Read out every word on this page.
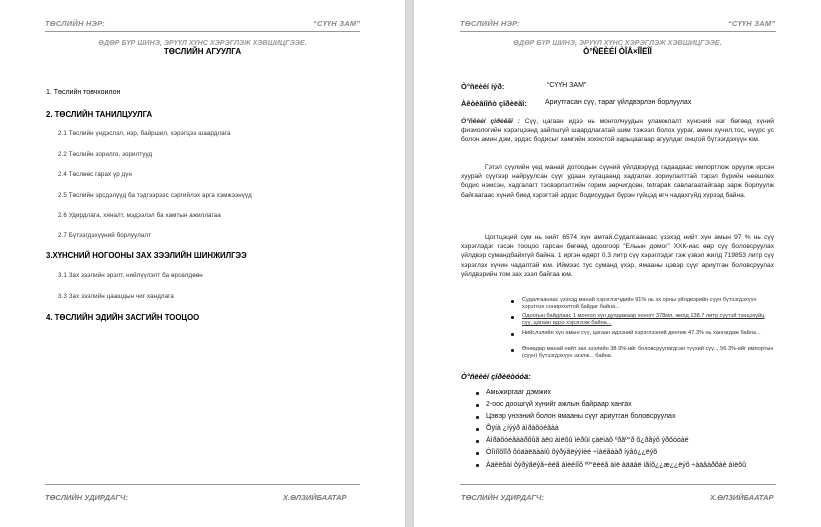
ТӨСЛИЙН НЭР:	“СҮҮН ЗАМ”
ӨДӨР БҮР ШИНЭ, ЭРҮҮЛ ХҮНС ХЭРЭГЛЭЖ ХЭВШИЦГЭЭЕ.
ТӨСЛИЙН АГУУЛГА
1. Төслийн товчхоилон
2. ТӨСЛИЙН ТАНИЛЦУУЛГА
2.1 Төслийн үндэслэл, нэр, байршил, хэрэгцээ шаардлага
2.2 Төслийн зорилго, зорилтууд
2.4 Төслөөс гарах үр дүн
2.5 Төслийн эрсдэлүүд ба тэдгээрээс сэргийлэх арга хэмжээнүүд
2.6 Удирдлага, хяналт, мэдээлэл ба хамтын ажиллагаа
2.7 Бүтээгдэхүүний борлуулалт
3.ХҮНСНИЙ НОГООНЫ ЗАХ ЗЭЭЛИЙН ШИНЖИЛГЭЭ
3.1 Зах зээлийн эрэлт, нийлүүлэлт ба өрсөлдөөн
3.3 Зах зээлийн цаашдын чиг хандлага
4. ТӨСЛИЙН ЭДИЙН ЗАСГИЙН ТООЦОО
ТӨСЛИЙН УДИРДАГЧ:	Х.ӨЛЗИЙБААТАР
ТӨСЛИЙН НЭР:	“СҮҮН ЗАМ”
ӨДӨР БҮР ШИНЭ, ЭРҮҮЛ ХҮНС ХЭРЭГЛЭЖ ХЭВШИЦГЭЭЕ.
Ò°ÑËÈÉÍ ÒÎÂ×ÎÎËÎÍ
Ò°ñëèéí íýð:	“СҮҮН ЗАМ”
Àêòèâíîñò çîðèëãî:	Ариутгасан сүү, тараг үйлдвэрлэн борлуулах
Ò°ñëèéí çîðèëãî : Сүү, цагаан идээ нь монголчуудын уламжлалт хүнсний нэг бөгөөд хүний физиологийн хэрэгцээнд зайлшгүй шаардлагатай шим тэжээл болох уураг, амин хүчил,тос, нүүрс ус болон амин дэм, эрдэс бодисыг хамгийн зохистой харьцаагаар агуулдаг онцгой бүтээгдэхүүн юм.
Гэтэл сүүлийн үед манай дотоодын сүүний үйлдвэрүүд гадаадаас импортлож оруулж ирсэн хуурай сүүгээр найруулсан сүүг удаан хугацаанд хадгалах зориулалттай тэрэл бүрийн неешлех бодис нэмсэн, хадгалагт тэсвэрлэлтийн горим зөрчигдсөн, tetrapak савлагаатайгаар зарж борлуулж байгаагаас хүний биед хэрэгтэй эрдэс бодисуудыг бүрэн гүйцэд өгч чадахгүйд хүрээд байна.
Цогтцэций сум нь нийт 6574 хүн амтай.Судалгаанаас үзэхэд нийт хүн амын 97 % нь сүү хэрэглэдэг гэсэн тооцоо гарсан бөгөөд одоогоор “Ельын домог” ХХК-иас өөр сүү боловсруулах үйлдвэр сумандбайхгүй байна. 1 иргэн өдөрт 0,3 литр сүү хэрэглэдэг гэж үзвэл жилд 719853 литр сүү хэрэглэх хүчин чадалтай юм. Иймээс тус суманд үхэр, ямааны цэвэр сүүг ариутган боловсруулах үйлдвэрийн том зах зээл байгаа юм.
Судалгаанаас үзэхэд манай хэрэглэгчдийн 91% нь эх орны үйлдвэрийн сүүн бүтээгдэхүүн хэрэглэх сонирхолтой байдаг байна...
Одоогын байдлаас 1 монгол хүн дундажаар хоногт 378мл, жилд 138.7 литр сүүтэй тэнцэхүйц сүү, цагаан идээ хэрэглэж байна...
Нийслэлийн хүн амын сүү, цагаан идээний хэрэглээний дөнгөж 47.3% нь хангагдаж байна...
Өнөөдөр манай нийт зах зээлийн 38.9%-ийг боловсруулагдсан түүхий сүү... 56.3%-ийг импортын (сүүн) бүтээгдэхүүн эзэлж... байна.
Ò°ñëèéí çîðèëòóóä:
Амьжиргааг дэмжих
2-оос доошгүй хүнийг ажлын байраар хангах
Цэвэр үнээний болон ямааны сүүг ариутган боловсруулах
Õÿíà ¿íýýð àìðàõóéãàà
Àìðàõóéãààðõûã àëü àìëõû ìèðûí çàëìàõ ºðãº°ð õ¿ðãýõ ýðõóòàé
Òîìíîõîîð õóäàëäààíû õýðýãëýýíèé ÷ìàéãààð íýâò¿¿ëýõ
Àäèëõàí õýðýãëýã÷èéã àìèéíîõ ºº°ëèéã àìë àääàë íãíõ¿¿æ¿¿ëýõ ÷àäâàðõàé àìëõû
ТӨСЛИЙН УДИРДАГЧ:	Х.ӨЛЗИЙБААТАР
